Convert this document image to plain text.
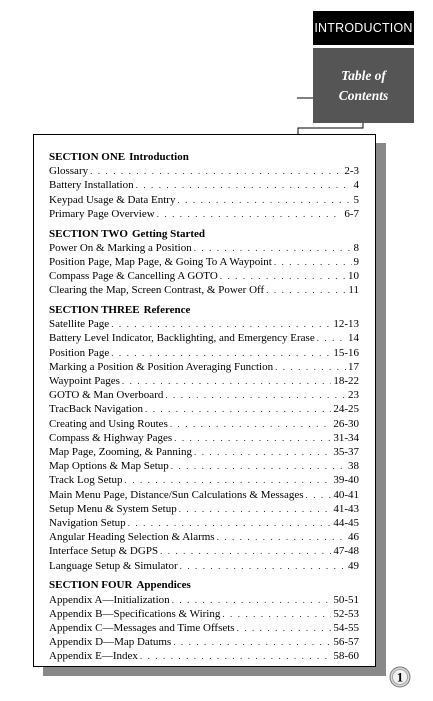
INTRODUCTION
Table of
Contents
SECTION ONE Introduction
Glossary . . .	2-3
Battery Installation . . .	4
Keypad Usage & Data Entry . . .	5
Primary Page Overview . . .	6-7
SECTION TWO Getting Started
Power On & Marking a Position . . .	8
Position Page, Map Page, & Going To A Waypoint . . .	9
Compass Page & Cancelling A GOTO . . .	10
Clearing the Map, Screen Contrast, & Power Off . . .	11
SECTION THREE Reference
Satellite Page . . .	12-13
Battery Level Indicator, Backlighting, and Emergency Erase . . .	14
Position Page . . .	15-16
Marking a Position & Position Averaging Function . . .	17
Waypoint Pages . . .	18-22
GOTO & Man Overboard . . .	23
TracBack Navigation . . .	24-25
Creating and Using Routes . . .	26-30
Compass & Highway Pages . . .	31-34
Map Page, Zooming, & Panning . . .	35-37
Map Options & Map Setup . . .	38
Track Log Setup . . .	39-40
Main Menu Page, Distance/Sun Calculations & Messages . . .	40-41
Setup Menu & System Setup . . .	41-43
Navigation Setup . . .	44-45
Angular Heading Selection & Alarms . . .	46
Interface Setup & DGPS . . .	47-48
Language Setup & Simulator . . .	49
SECTION FOUR Appendices
Appendix A—Initialization . . .	50-51
Appendix B—Specifications & Wiring . . .	52-53
Appendix C—Messages and Time Offsets . . .	54-55
Appendix D—Map Datums . . .	56-57
Appendix E—Index . . .	58-60
1
